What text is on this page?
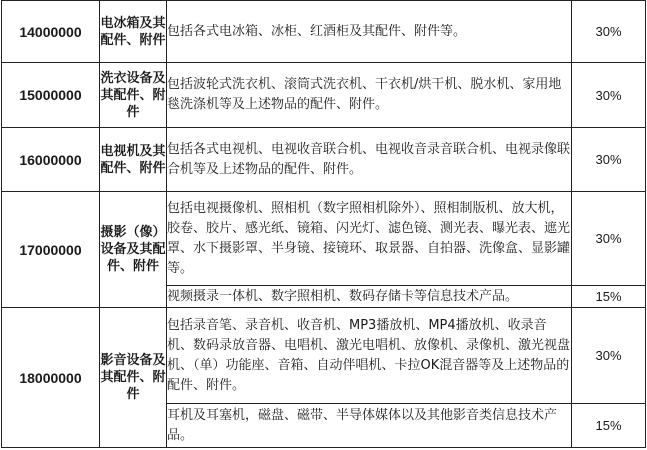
14000000	电冰箱及其配件、附件	包括各式电冰箱、冰柜、红酒柜及其配件、附件等。	30%
15000000	洗衣设备及其配件、附件	包括波轮式洗衣机、滚筒式洗衣机、干衣机/烘干机、脱水机、家用地毯洗涤机等及上述物品的配件、附件。	30%
16000000	电视机及其配件、附件	包括各式电视机、电视收音联合机、电视收音录音联合机、电视录像联合机等及上述物品的配件、附件。	30%
17000000	摄影（像）设备及其配件、附件	包括电视摄像机、照相机（数字照相机除外）、照相制版机、放大机，胶卷、胶片、感光纸、镜箱、闪光灯、滤色镜、测光表、曝光表、遮光罩、水下摄影罩、半身镜、接镜环、取景器、自拍器、洗像盒、显影罐等。	30%
		视频摄录一体机、数字照相机、数码存储卡等信息技术产品。	15%
18000000	影音设备及其配件、附件	包括录音笔、录音机、收音机、MP3播放机、MP4播放机、收录音机、数码录放音器、电唱机、激光电唱机、放像机、录像机、激光视盘机、（单）功能座、音箱、自动伴唱机、卡拉OK混音器等及上述物品的配件、附件。	30%
		耳机及耳塞机，磁盘、磁带、半导体媒体以及其他影音类信息技术产品。	15%
